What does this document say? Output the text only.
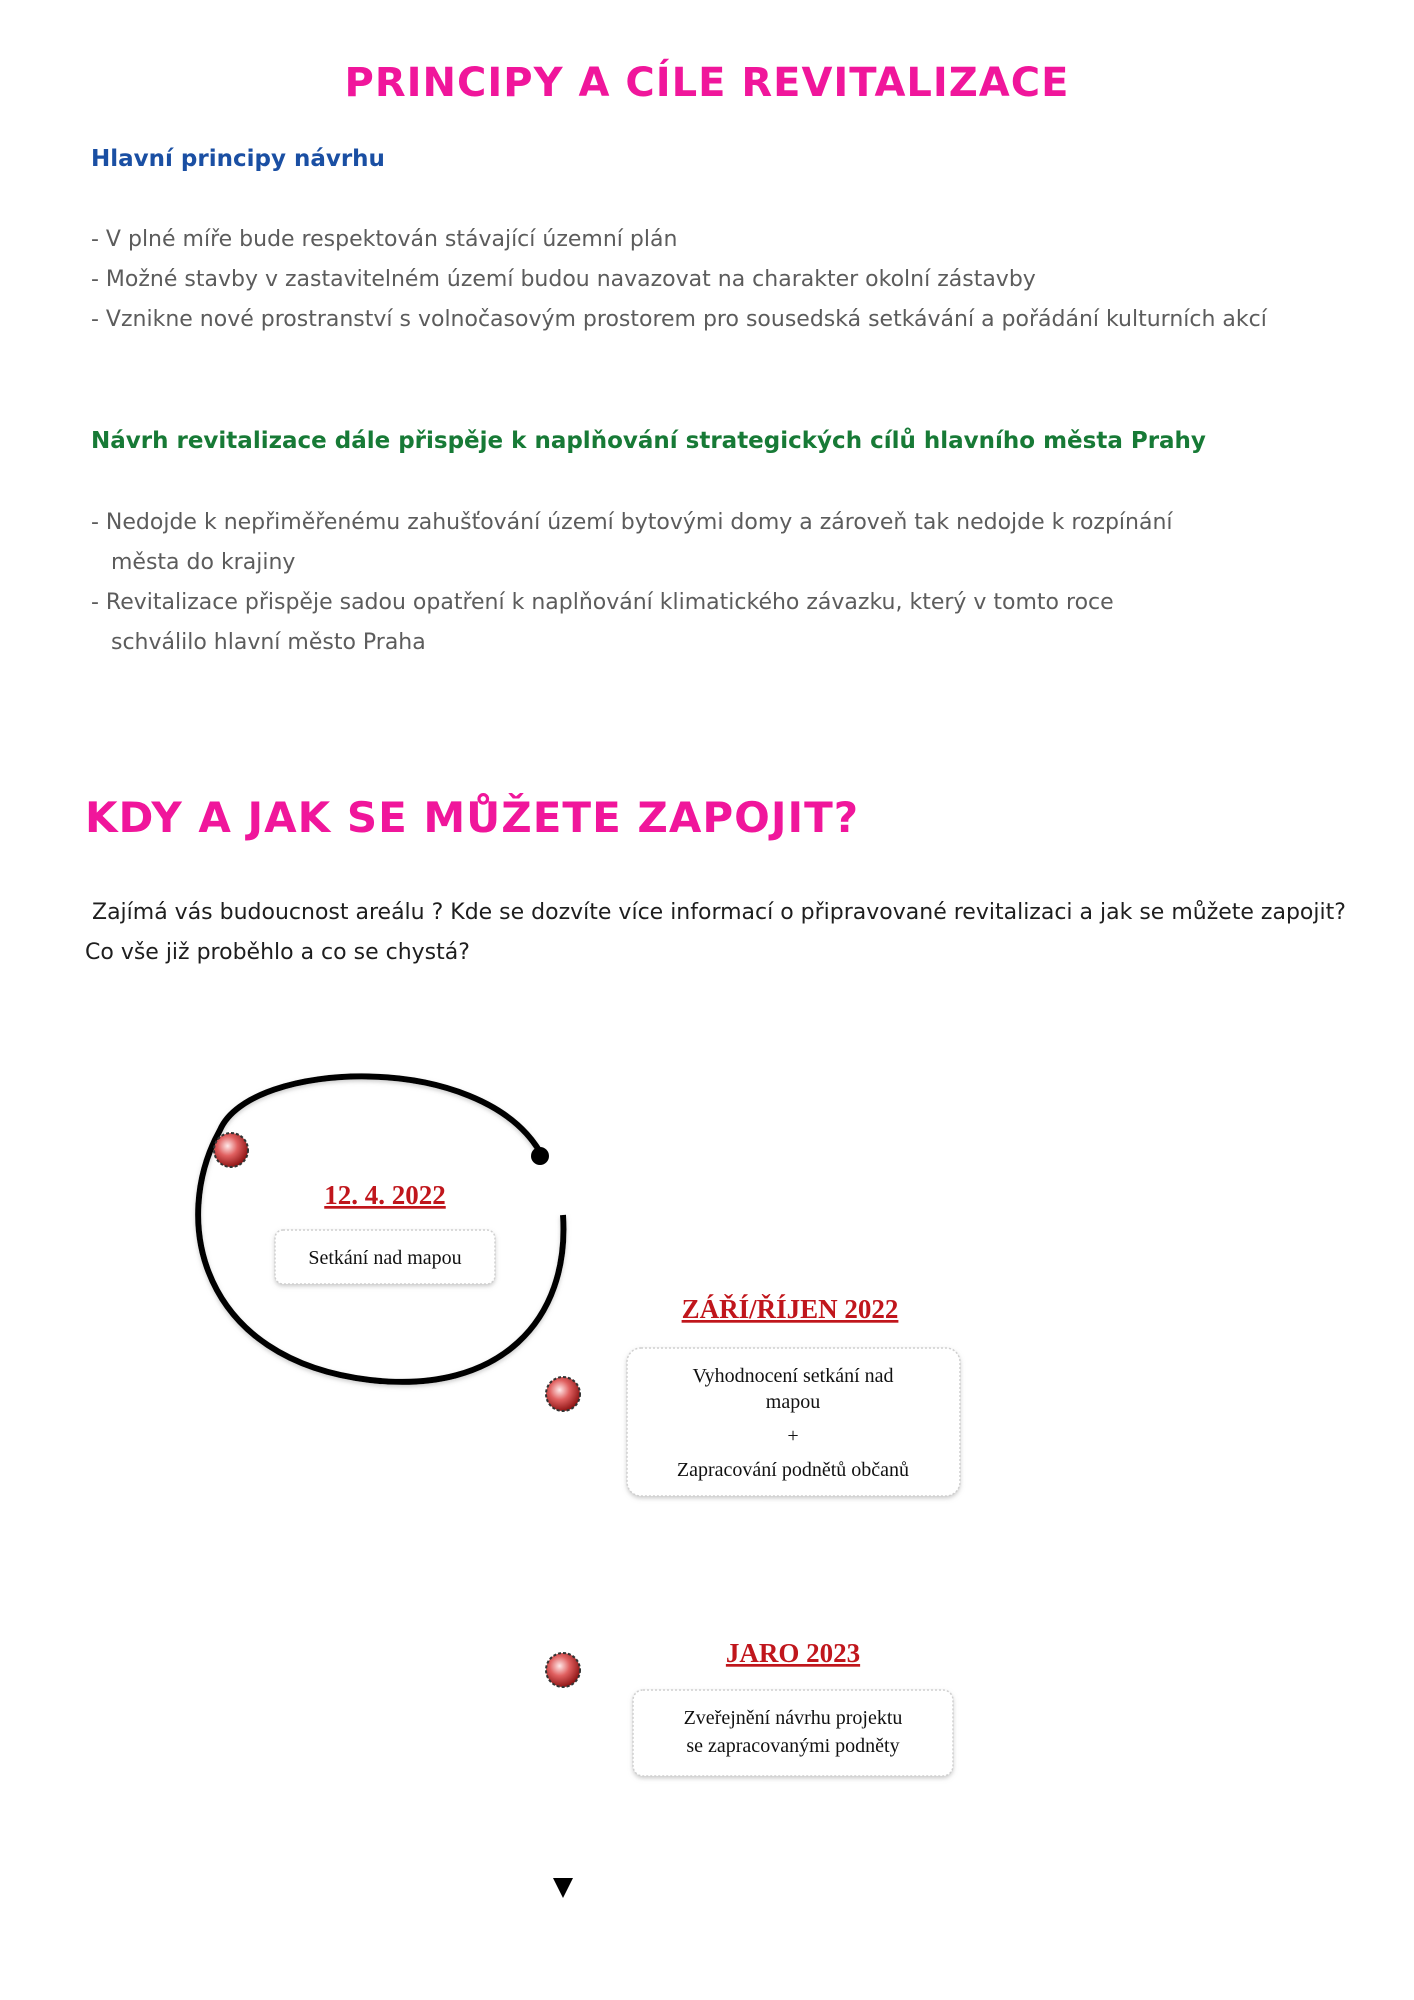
PRINCIPY A CÍLE REVITALIZACE
Hlavní principy návrhu
- V plné míře bude respektován stávající územní plán
- Možné stavby v zastavitelném území budou navazovat na charakter okolní zástavby
- Vznikne nové prostranství s volnočasovým prostorem pro sousedská setkávání a pořádání kulturních akcí
Návrh revitalizace dále přispěje k naplňování strategických cílů hlavního města Prahy
- Nedojde k nepřiměřenému zahušťování území bytovými domy a zároveň tak nedojde k rozpínání
města do krajiny
- Revitalizace přispěje sadou opatření k naplňování klimatického závazku, který v tomto roce
schválilo hlavní město Praha
KDY A JAK SE MŮŽETE ZAPOJIT?

Zajímá vás budoucnost areálu ? Kde se dozvíte více informací o připravované revitalizaci a jak se můžete zapojit?
Co vše již proběhlo a co se chystá?

12. 4. 2022
Setkání nad mapou
ZÁŘÍ/ŘÍJEN 2022
Vyhodnocení setkání nad
mapou
+
Zapracování podnětů občanů
JARO 2023
Zveřejnění návrhu projektu
se zapracovanými podněty
